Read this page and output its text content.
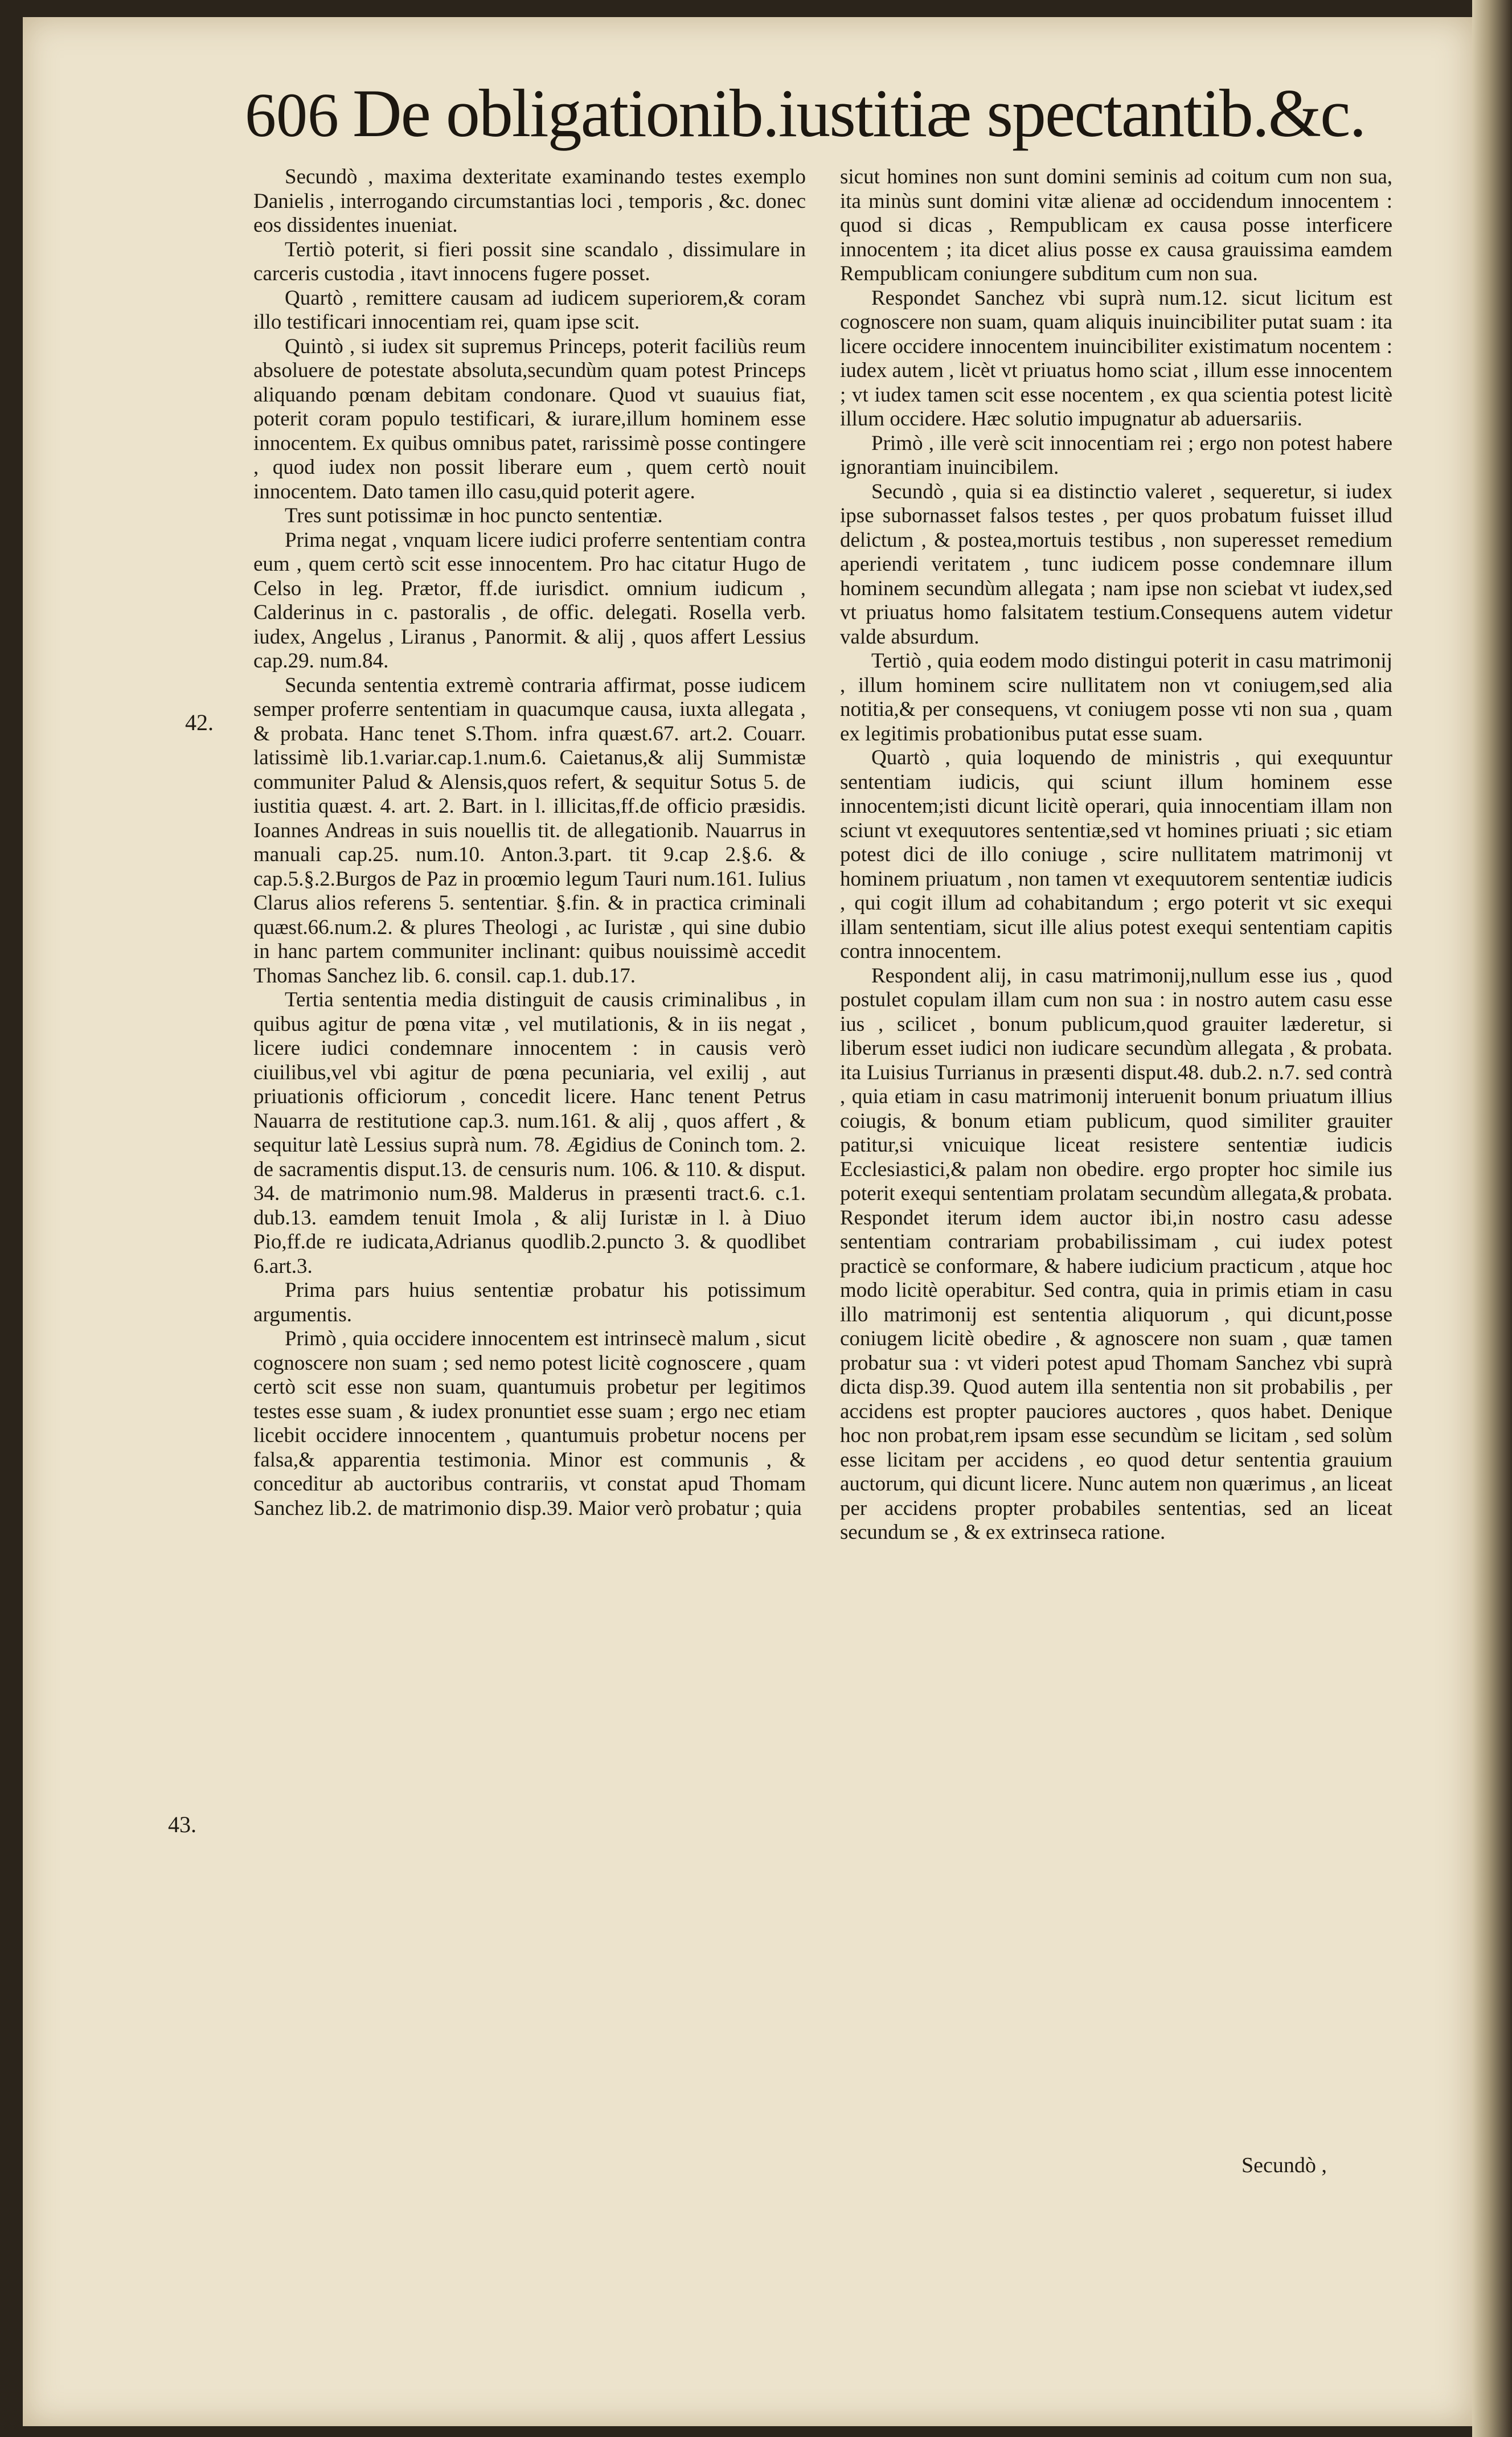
606 De obligationib.iustitiæ spectantib.&c.
42.
43.

Secundò , maxima dexteritate examinando testes exemplo Danielis , interrogando circumstantias loci , temporis , &c. donec eos dissidentes inueniat.

Tertiò poterit, si fieri possit sine scandalo , dissimulare in carceris custodia , itavt innocens fugere posset.

Quartò , remittere causam ad iudicem superiorem,& coram illo testificari innocentiam rei, quam ipse scit.

Quintò , si iudex sit supremus Princeps, poterit faciliùs reum absoluere de potestate absoluta,secundùm quam potest Princeps aliquando pœnam debitam condonare. Quod vt suauius fiat, poterit coram populo testificari, & iurare,illum hominem esse innocentem. Ex quibus omnibus patet, rarissimè posse contingere , quod iudex non possit liberare eum , quem certò nouit innocentem. Dato tamen illo casu,quid poterit agere.

Tres sunt potissimæ in hoc puncto sententiæ.

Prima negat , vnquam licere iudici proferre sententiam contra eum , quem certò scit esse innocentem. Pro hac citatur Hugo de Celso in leg. Prætor, ff.de iurisdict. omnium iudicum , Calderinus in c. pastoralis , de offic. delegati. Rosella verb. iudex, Angelus , Liranus , Panormit. & alij , quos affert Lessius cap.29. num.84.

Secunda sententia extremè contraria affirmat, posse iudicem semper proferre sententiam in quacumque causa, iuxta allegata , & probata. Hanc tenet S.Thom. infra quæst.67. art.2. Couarr. latissimè lib.1.variar.cap.1.num.6. Caietanus,& alij Summistæ communiter Palud & Alensis,quos refert, & sequitur Sotus 5. de iustitia quæst. 4. art. 2. Bart. in l. illicitas,ff.de officio præsidis. Ioannes Andreas in suis nouellis tit. de allegationib. Nauarrus in manuali cap.25. num.10. Anton.3.part. tit 9.cap 2.§.6. & cap.5.§.2.Burgos de Paz in proœmio legum Tauri num.161. Iulius Clarus alios referens 5. sententiar. §.fin. & in practica criminali quæst.66.num.2. & plures Theologi , ac Iuristæ , qui sine dubio in hanc partem communiter inclinant: quibus nouissimè accedit Thomas Sanchez lib. 6. consil. cap.1. dub.17.

Tertia sententia media distinguit de causis criminalibus , in quibus agitur de pœna vitæ , vel mutilationis, & in iis negat , licere iudici condemnare innocentem : in causis verò ciuilibus,vel vbi agitur de pœna pecuniaria, vel exilij , aut priuationis officiorum , concedit licere. Hanc tenent Petrus Nauarra de restitutione cap.3. num.161. & alij , quos affert , & sequitur latè Lessius suprà num. 78. Ægidius de Coninch tom. 2. de sacramentis disput.13. de censuris num. 106. & 110. & disput. 34. de matrimonio num.98. Malderus in præsenti tract.6. c.1. dub.13. eamdem tenuit Imola , & alij Iuristæ in l. à Diuo Pio,ff.de re iudicata,Adrianus quodlib.2.puncto 3. & quodlibet 6.art.3.

Prima pars huius sententiæ probatur his potissimum argumentis.

Primò , quia occidere innocentem est intrinsecè malum , sicut cognoscere non suam ; sed nemo potest licitè cognoscere , quam certò scit esse non suam, quantumuis probetur per legitimos testes esse suam , & iudex pronuntiet esse suam ; ergo nec etiam licebit occidere innocentem , quantumuis probetur nocens per falsa,& apparentia testimonia. Minor est communis , & conceditur ab auctoribus contrariis, vt constat apud Thomam Sanchez lib.2. de matrimonio disp.39. Maior verò probatur ; quia

sicut homines non sunt domini seminis ad coitum cum non sua, ita minùs sunt domini vitæ alienæ ad occidendum innocentem : quod si dicas , Rempublicam ex causa posse interficere innocentem ; ita dicet alius posse ex causa grauissima eamdem Rempublicam coniungere subditum cum non sua.

Respondet Sanchez vbi suprà num.12. sicut licitum est cognoscere non suam, quam aliquis inuincibiliter putat suam : ita licere occidere innocentem inuincibiliter existimatum nocentem : iudex autem , licèt vt priuatus homo sciat , illum esse innocentem ; vt iudex tamen scit esse nocentem , ex qua scientia potest licitè illum occidere. Hæc solutio impugnatur ab aduersariis.

Primò , ille verè scit innocentiam rei ; ergo non potest habere ignorantiam inuincibilem.

Secundò , quia si ea distinctio valeret , sequeretur, si iudex ipse subornasset falsos testes , per quos probatum fuisset illud delictum , & postea,mortuis testibus , non superesset remedium aperiendi veritatem , tunc iudicem posse condemnare illum hominem secundùm allegata ; nam ipse non sciebat vt iudex,sed vt priuatus homo falsitatem testium.Consequens autem videtur valde absurdum.

Tertiò , quia eodem modo distingui poterit in casu matrimonij , illum hominem scire nullitatem non vt coniugem,sed alia notitia,& per consequens, vt coniugem posse vti non sua , quam ex legitimis probationibus putat esse suam.

Quartò , quia loquendo de ministris , qui exequuntur sententiam iudicis, qui sciunt illum hominem esse innocentem;isti dicunt licitè operari, quia innocentiam illam non sciunt vt exequutores sententiæ,sed vt homines priuati ; sic etiam potest dici de illo coniuge , scire nullitatem matrimonij vt hominem priuatum , non tamen vt exequutorem sententiæ iudicis , qui cogit illum ad cohabitandum ; ergo poterit vt sic exequi illam sententiam, sicut ille alius potest exequi sententiam capitis contra innocentem.

Respondent alij, in casu matrimonij,nullum esse ius , quod postulet copulam illam cum non sua : in nostro autem casu esse ius , scilicet , bonum publicum,quod grauiter læderetur, si liberum esset iudici non iudicare secundùm allegata , & probata. ita Luisius Turrianus in præsenti disput.48. dub.2. n.7. sed contrà , quia etiam in casu matrimonij interuenit bonum priuatum illius coiugis, & bonum etiam publicum, quod similiter grauiter patitur,si vnicuique liceat resistere sententiæ iudicis Ecclesiastici,& palam non obedire. ergo propter hoc simile ius poterit exequi sententiam prolatam secundùm allegata,& probata. Respondet iterum idem auctor ibi,in nostro casu adesse sententiam contrariam probabilissimam , cui iudex potest practicè se conformare, & habere iudicium practicum , atque hoc modo licitè operabitur. Sed contra, quia in primis etiam in casu illo matrimonij est sententia aliquorum , qui dicunt,posse coniugem licitè obedire , & agnoscere non suam , quæ tamen probatur sua : vt videri potest apud Thomam Sanchez vbi suprà dicta disp.39. Quod autem illa sententia non sit probabilis , per accidens est propter pauciores auctores , quos habet. Denique hoc non probat,rem ipsam esse secundùm se licitam , sed solùm esse licitam per accidens , eo quod detur sententia grauium auctorum, qui dicunt licere. Nunc autem non quærimus , an liceat per accidens propter probabiles sententias, sed an liceat secundum se , & ex extrinseca ratione.

Secundò ,
